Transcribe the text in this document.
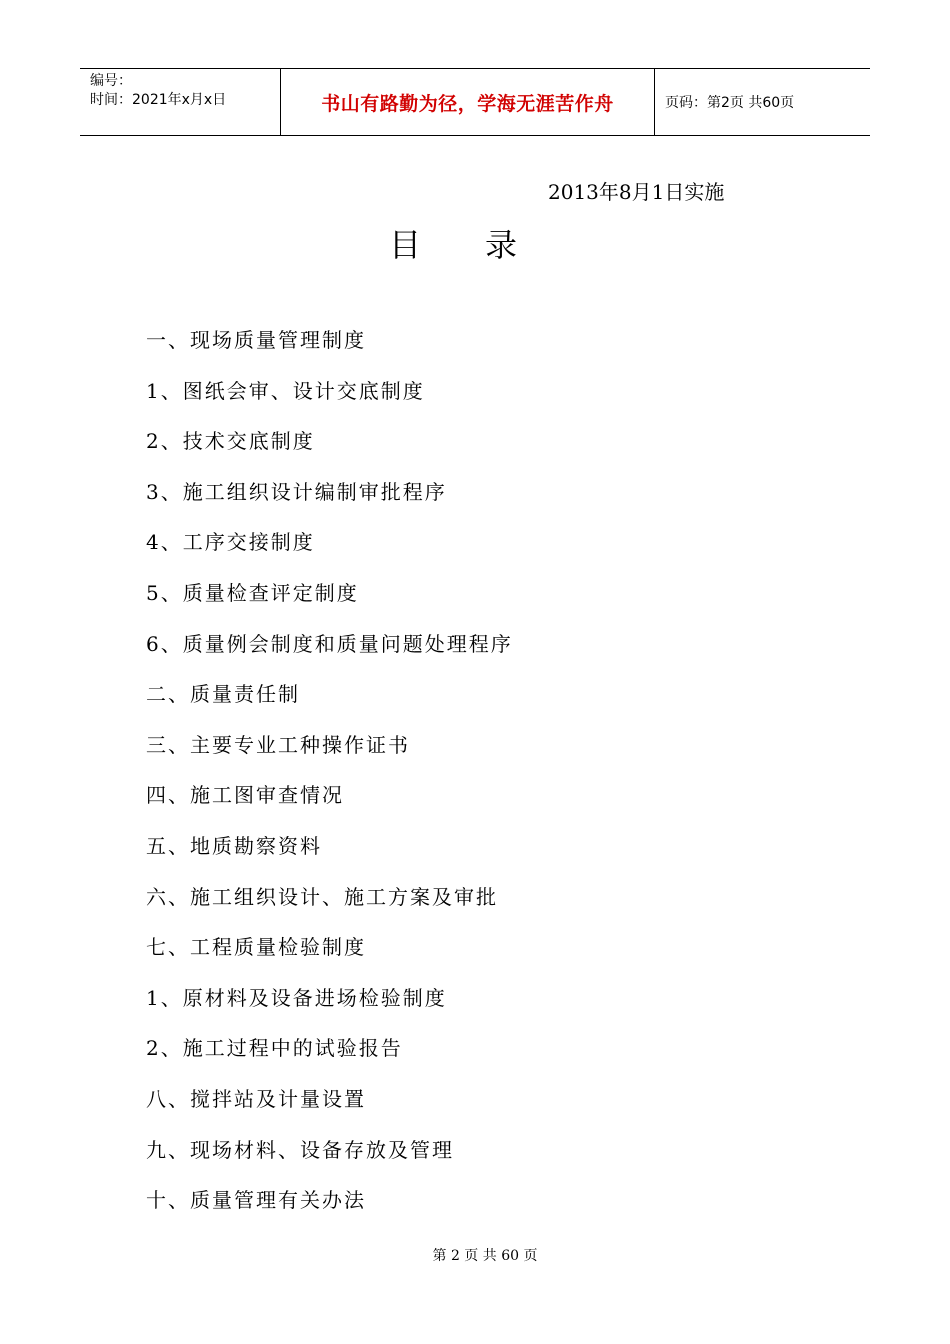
编号：
时间：2021年x月x日	书山有路勤为径，学海无涯苦作舟	页码：第2页 共60页
2013年8月1日实施
目录
一、现场质量管理制度
1、图纸会审、设计交底制度
2、技术交底制度
3、施工组织设计编制审批程序
4、工序交接制度
5、质量检查评定制度
6、质量例会制度和质量问题处理程序
二、质量责任制
三、主要专业工种操作证书
四、施工图审查情况
五、地质勘察资料
六、施工组织设计、施工方案及审批
七、工程质量检验制度
1、原材料及设备进场检验制度
2、施工过程中的试验报告
八、搅拌站及计量设置
九、现场材料、设备存放及管理
十、质量管理有关办法
第 2 页 共 60 页
